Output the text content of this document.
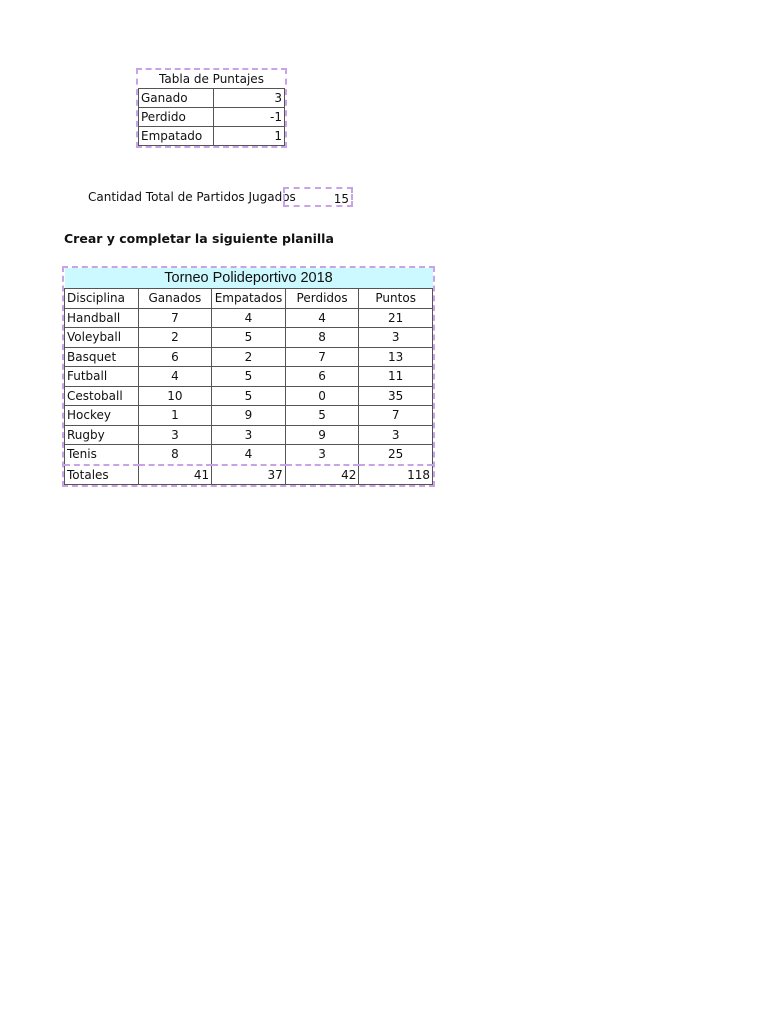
Tabla de Puntajes	
Ganado	3
Perdido	-1
Empatado	1
Cantidad Total de Partidos Jugados	15
Crear y completar la siguiente planilla
Torneo Polideportivo 2018				
Disciplina	Ganados	Empatados	Perdidos	Puntos
Handball	7	4	4	21
Voleyball	2	5	8	3
Basquet	6	2	7	13
Futball	4	5	6	11
Cestoball	10	5	0	35
Hockey	1	9	5	7
Rugby	3	3	9	3
Tenis	8	4	3	25
Totales	41	37	42	118
